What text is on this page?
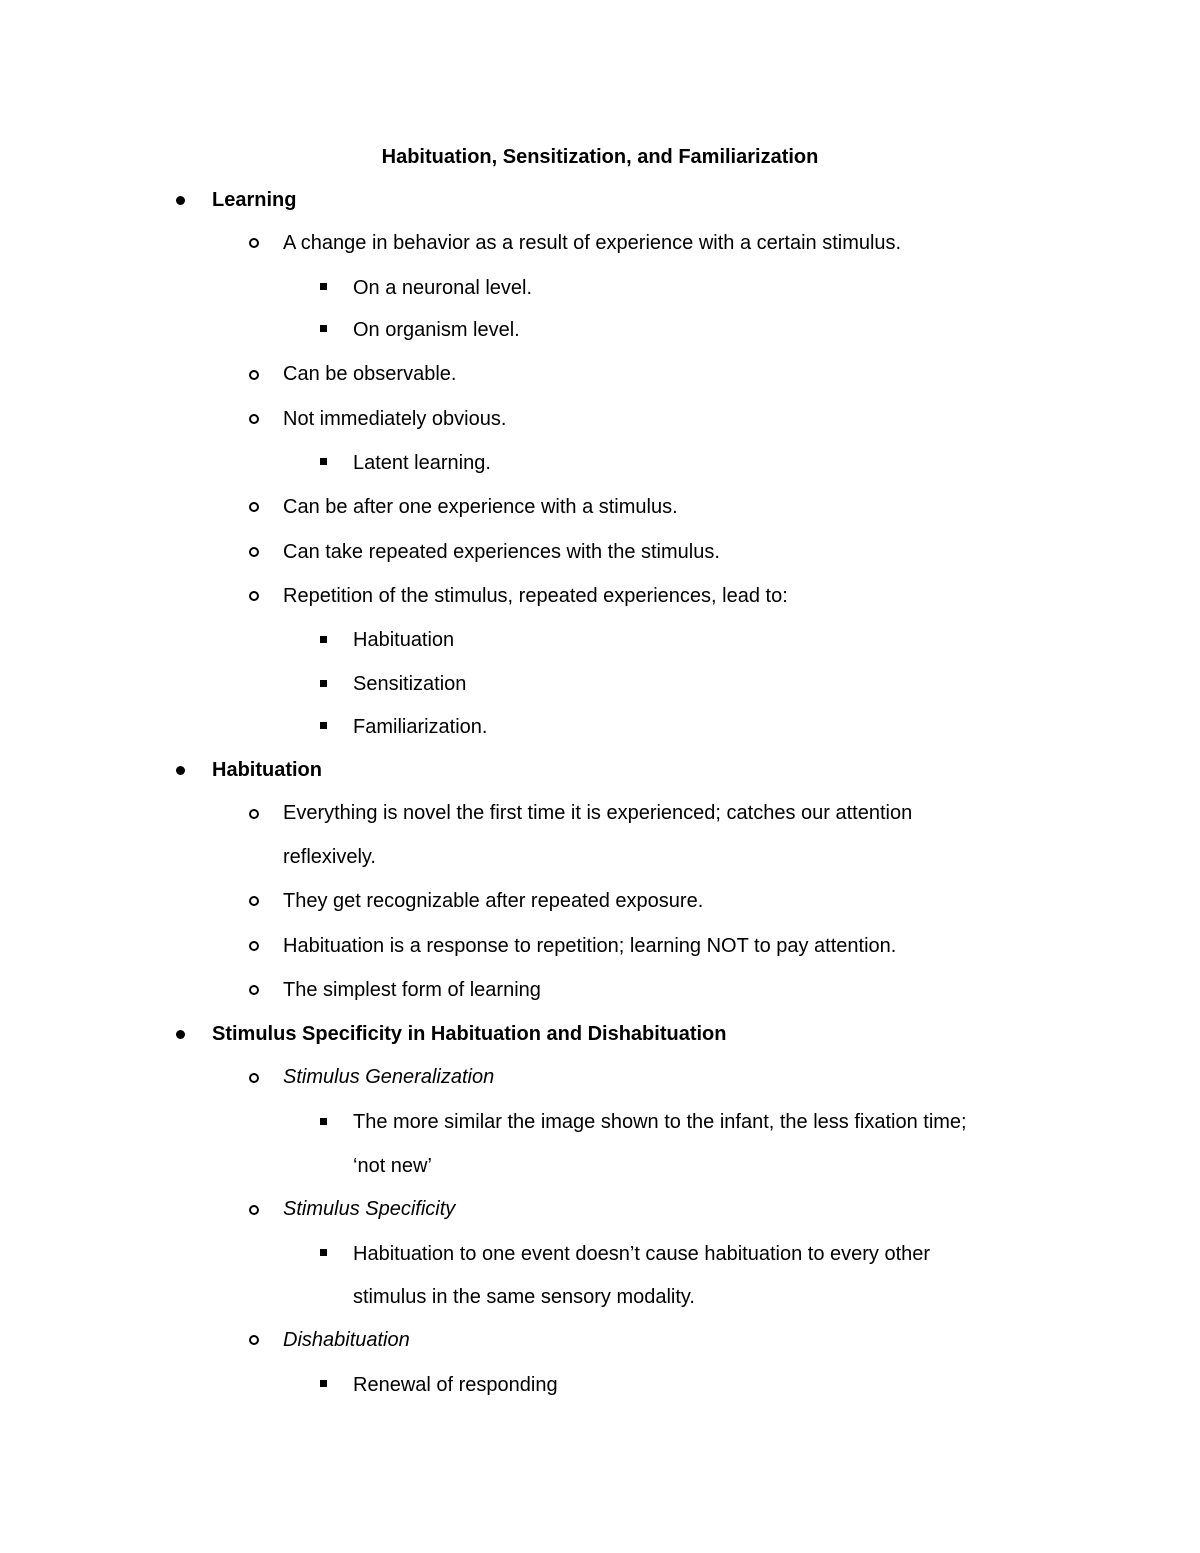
Habituation, Sensitization, and Familiarization
Learning
A change in behavior as a result of experience with a certain stimulus.
On a neuronal level.
On organism level.
Can be observable.
Not immediately obvious.
Latent learning.
Can be after one experience with a stimulus.
Can take repeated experiences with the stimulus.
Repetition of the stimulus, repeated experiences, lead to:
Habituation
Sensitization
Familiarization.
Habituation
Everything is novel the first time it is experienced; catches our attention
reflexively.
They get recognizable after repeated exposure.
Habituation is a response to repetition; learning NOT to pay attention.
The simplest form of learning
Stimulus Specificity in Habituation and Dishabituation
Stimulus Generalization
The more similar the image shown to the infant, the less fixation time;
‘not new’
Stimulus Specificity
Habituation to one event doesn’t cause habituation to every other
stimulus in the same sensory modality.
Dishabituation
Renewal of responding
